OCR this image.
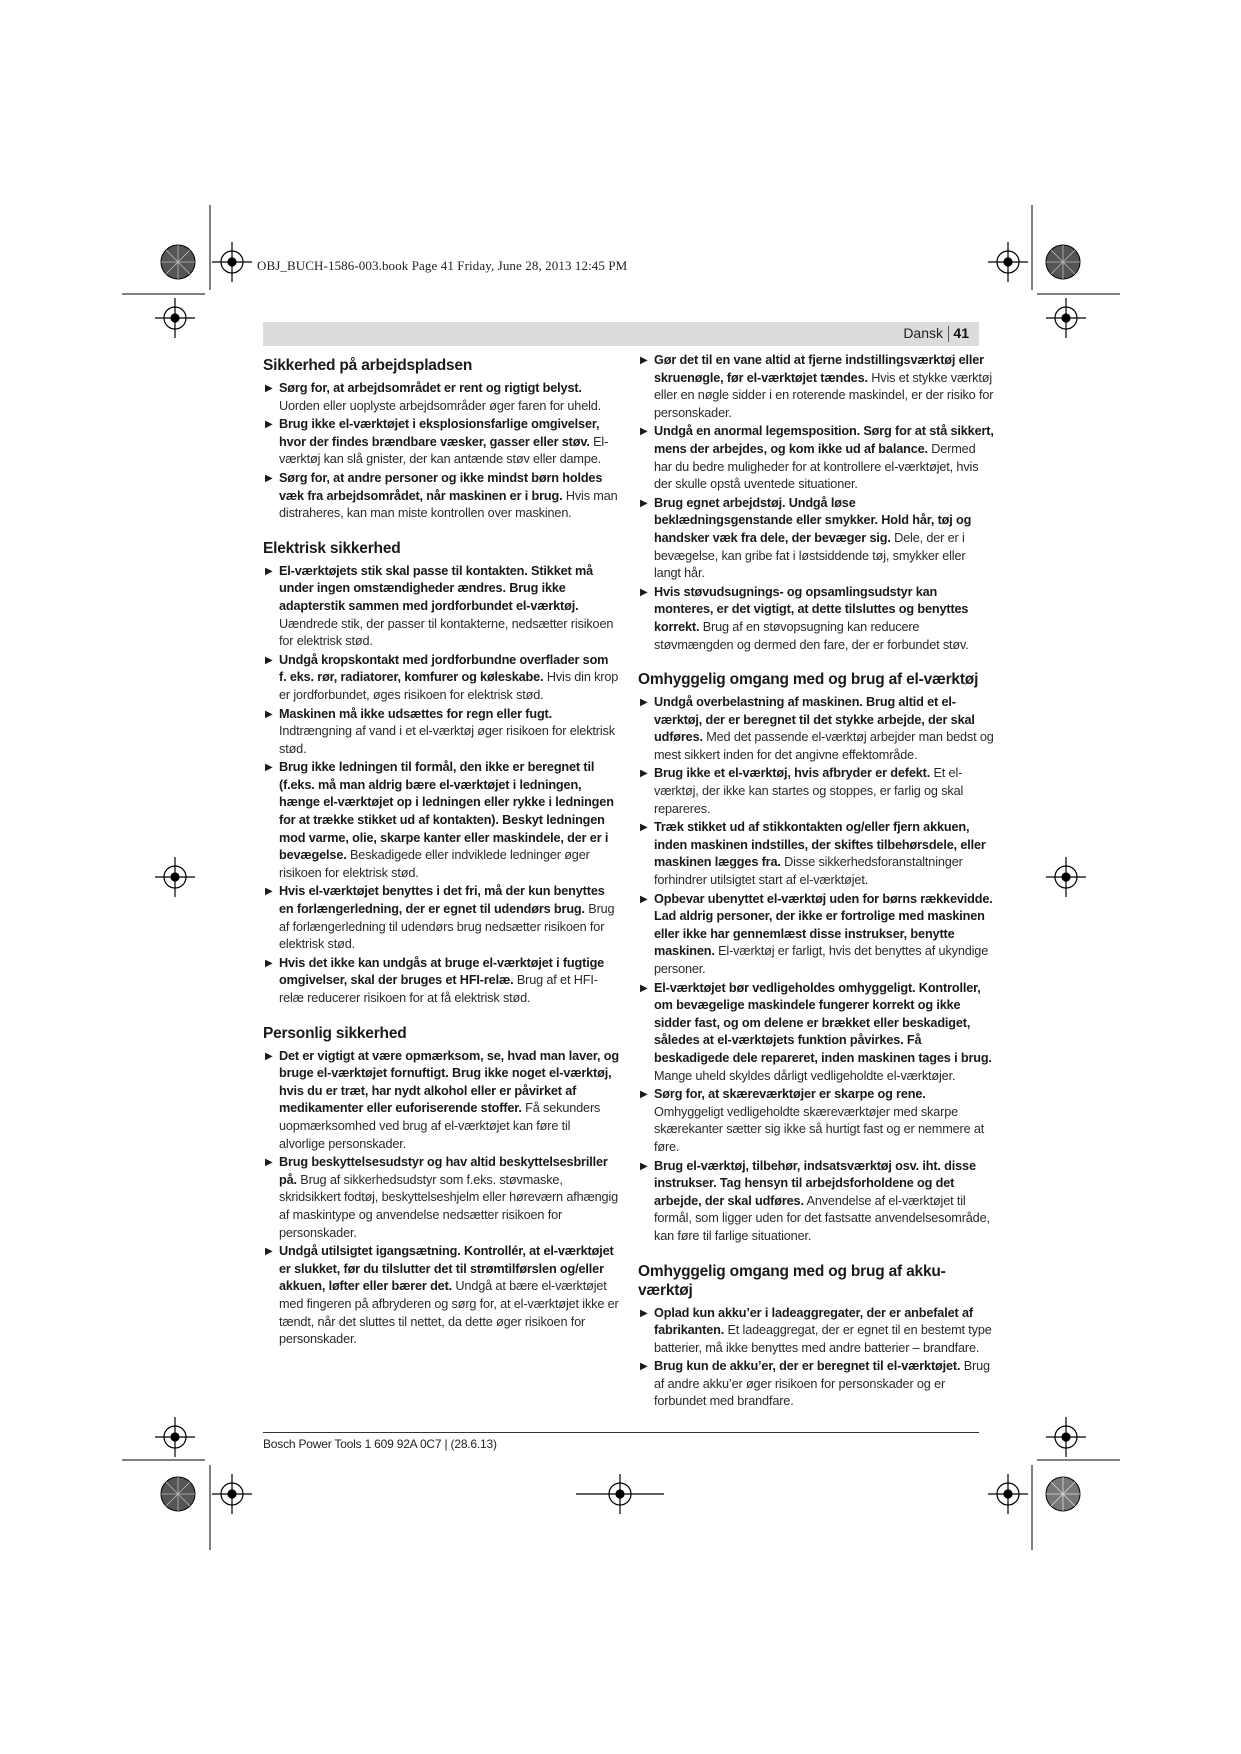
OBJ_BUCH-1586-003.book Page 41 Friday, June 28, 2013 12:45 PM
Dansk 41
Sikkerhed på arbejdspladsen
▶ Sørg for, at arbejdsområdet er rent og rigtigt belyst. Uorden eller uoplyste arbejdsområder øger faren for uheld.
▶ Brug ikke el-værktøjet i eksplosionsfarlige omgivelser, hvor der findes brændbare væsker, gasser eller støv. El-værktøj kan slå gnister, der kan antænde støv eller dampe.
▶ Sørg for, at andre personer og ikke mindst børn holdes væk fra arbejdsområdet, når maskinen er i brug. Hvis man distraheres, kan man miste kontrollen over maskinen.
Elektrisk sikkerhed
▶ El-værktøjets stik skal passe til kontakten. Stikket må under ingen omstændigheder ændres. Brug ikke adapterstik sammen med jordforbundet el-værktøj. Uændrede stik, der passer til kontakterne, nedsætter risikoen for elektrisk stød.
▶ Undgå kropskontakt med jordforbundne overflader som f. eks. rør, radiatorer, komfurer og køleskabe. Hvis din krop er jordforbundet, øges risikoen for elektrisk stød.
▶ Maskinen må ikke udsættes for regn eller fugt. Indtrængning af vand i et el-værktøj øger risikoen for elektrisk stød.
▶ Brug ikke ledningen til formål, den ikke er beregnet til (f.eks. må man aldrig bære el-værktøjet i ledningen, hænge el-værktøjet op i ledningen eller rykke i ledningen for at trække stikket ud af kontakten). Beskyt ledningen mod varme, olie, skarpe kanter eller maskindele, der er i bevægelse. Beskadigede eller indviklede ledninger øger risikoen for elektrisk stød.
▶ Hvis el-værktøjet benyttes i det fri, må der kun benyttes en forlængerledning, der er egnet til udendørs brug. Brug af forlængerledning til udendørs brug nedsætter risikoen for elektrisk stød.
▶ Hvis det ikke kan undgås at bruge el-værktøjet i fugtige omgivelser, skal der bruges et HFI-relæ. Brug af et HFI-relæ reducerer risikoen for at få elektrisk stød.
Personlig sikkerhed
▶ Det er vigtigt at være opmærksom, se, hvad man laver, og bruge el-værktøjet fornuftigt. Brug ikke noget el-værktøj, hvis du er træt, har nydt alkohol eller er påvirket af medikamenter eller euforiserende stoffer. Få sekunders uopmærksomhed ved brug af el-værktøjet kan føre til alvorlige personskader.
▶ Brug beskyttelsesudstyr og hav altid beskyttelsesbriller på. Brug af sikkerhedsudstyr som f.eks. støvmaske, skridsikkert fodtøj, beskyttelseshjelm eller høreværn afhængig af maskintype og anvendelse nedsætter risikoen for personskader.
▶ Undgå utilsigtet igangsætning. Kontrollér, at el-værktøjet er slukket, før du tilslutter det til strømtilførslen og/eller akkuen, løfter eller bærer det. Undgå at bære el-værktøjet med fingeren på afbryderen og sørg for, at el-værktøjet ikke er tændt, når det sluttes til nettet, da dette øger risikoen for personskader.
▶ Gør det til en vane altid at fjerne indstillingsværktøj eller skruenøgle, før el-værktøjet tændes. Hvis et stykke værktøj eller en nøgle sidder i en roterende maskindel, er der risiko for personskader.
▶ Undgå en anormal legemsposition. Sørg for at stå sikkert, mens der arbejdes, og kom ikke ud af balance. Dermed har du bedre muligheder for at kontrollere el-værktøjet, hvis der skulle opstå uventede situationer.
▶ Brug egnet arbejdstøj. Undgå løse beklædningsgenstande eller smykker. Hold hår, tøj og handsker væk fra dele, der bevæger sig. Dele, der er i bevægelse, kan gribe fat i løstsiddende tøj, smykker eller langt hår.
▶ Hvis støvudsugnings- og opsamlingsudstyr kan monteres, er det vigtigt, at dette tilsluttes og benyttes korrekt. Brug af en støvopsugning kan reducere støvmængden og dermed den fare, der er forbundet støv.
Omhyggelig omgang med og brug af el-værktøj
▶ Undgå overbelastning af maskinen. Brug altid et el-værktøj, der er beregnet til det stykke arbejde, der skal udføres. Med det passende el-værktøj arbejder man bedst og mest sikkert inden for det angivne effektområde.
▶ Brug ikke et el-værktøj, hvis afbryder er defekt. Et el-værktøj, der ikke kan startes og stoppes, er farlig og skal repareres.
▶ Træk stikket ud af stikkontakten og/eller fjern akkuen, inden maskinen indstilles, der skiftes tilbehørsdele, eller maskinen lægges fra. Disse sikkerhedsforanstaltninger forhindrer utilsigtet start af el-værktøjet.
▶ Opbevar ubenyttet el-værktøj uden for børns rækkevidde. Lad aldrig personer, der ikke er fortrolige med maskinen eller ikke har gennemlæst disse instrukser, benytte maskinen. El-værktøj er farligt, hvis det benyttes af ukyndige personer.
▶ El-værktøjet bør vedligeholdes omhyggeligt. Kontroller, om bevægelige maskindele fungerer korrekt og ikke sidder fast, og om delene er brækket eller beskadiget, således at el-værktøjets funktion påvirkes. Få beskadigede dele repareret, inden maskinen tages i brug. Mange uheld skyldes dårligt vedligeholdte el-værktøjer.
▶ Sørg for, at skæreværktøjer er skarpe og rene. Omhyggeligt vedligeholdte skæreværktøjer med skarpe skærekanter sætter sig ikke så hurtigt fast og er nemmere at føre.
▶ Brug el-værktøj, tilbehør, indsatsværktøj osv. iht. disse instrukser. Tag hensyn til arbejdsforholdene og det arbejde, der skal udføres. Anvendelse af el-værktøjet til formål, som ligger uden for det fastsatte anvendelsesområde, kan føre til farlige situationer.
Omhyggelig omgang med og brug af akku-værktøj
▶ Oplad kun akku’er i ladeaggregater, der er anbefalet af fabrikanten. Et ladeaggregat, der er egnet til en bestemt type batterier, må ikke benyttes med andre batterier – brandfare.
▶ Brug kun de akku’er, der er beregnet til el-værktøjet. Brug af andre akku’er øger risikoen for personskader og er forbundet med brandfare.
Bosch Power Tools 1 609 92A 0C7 | (28.6.13)
